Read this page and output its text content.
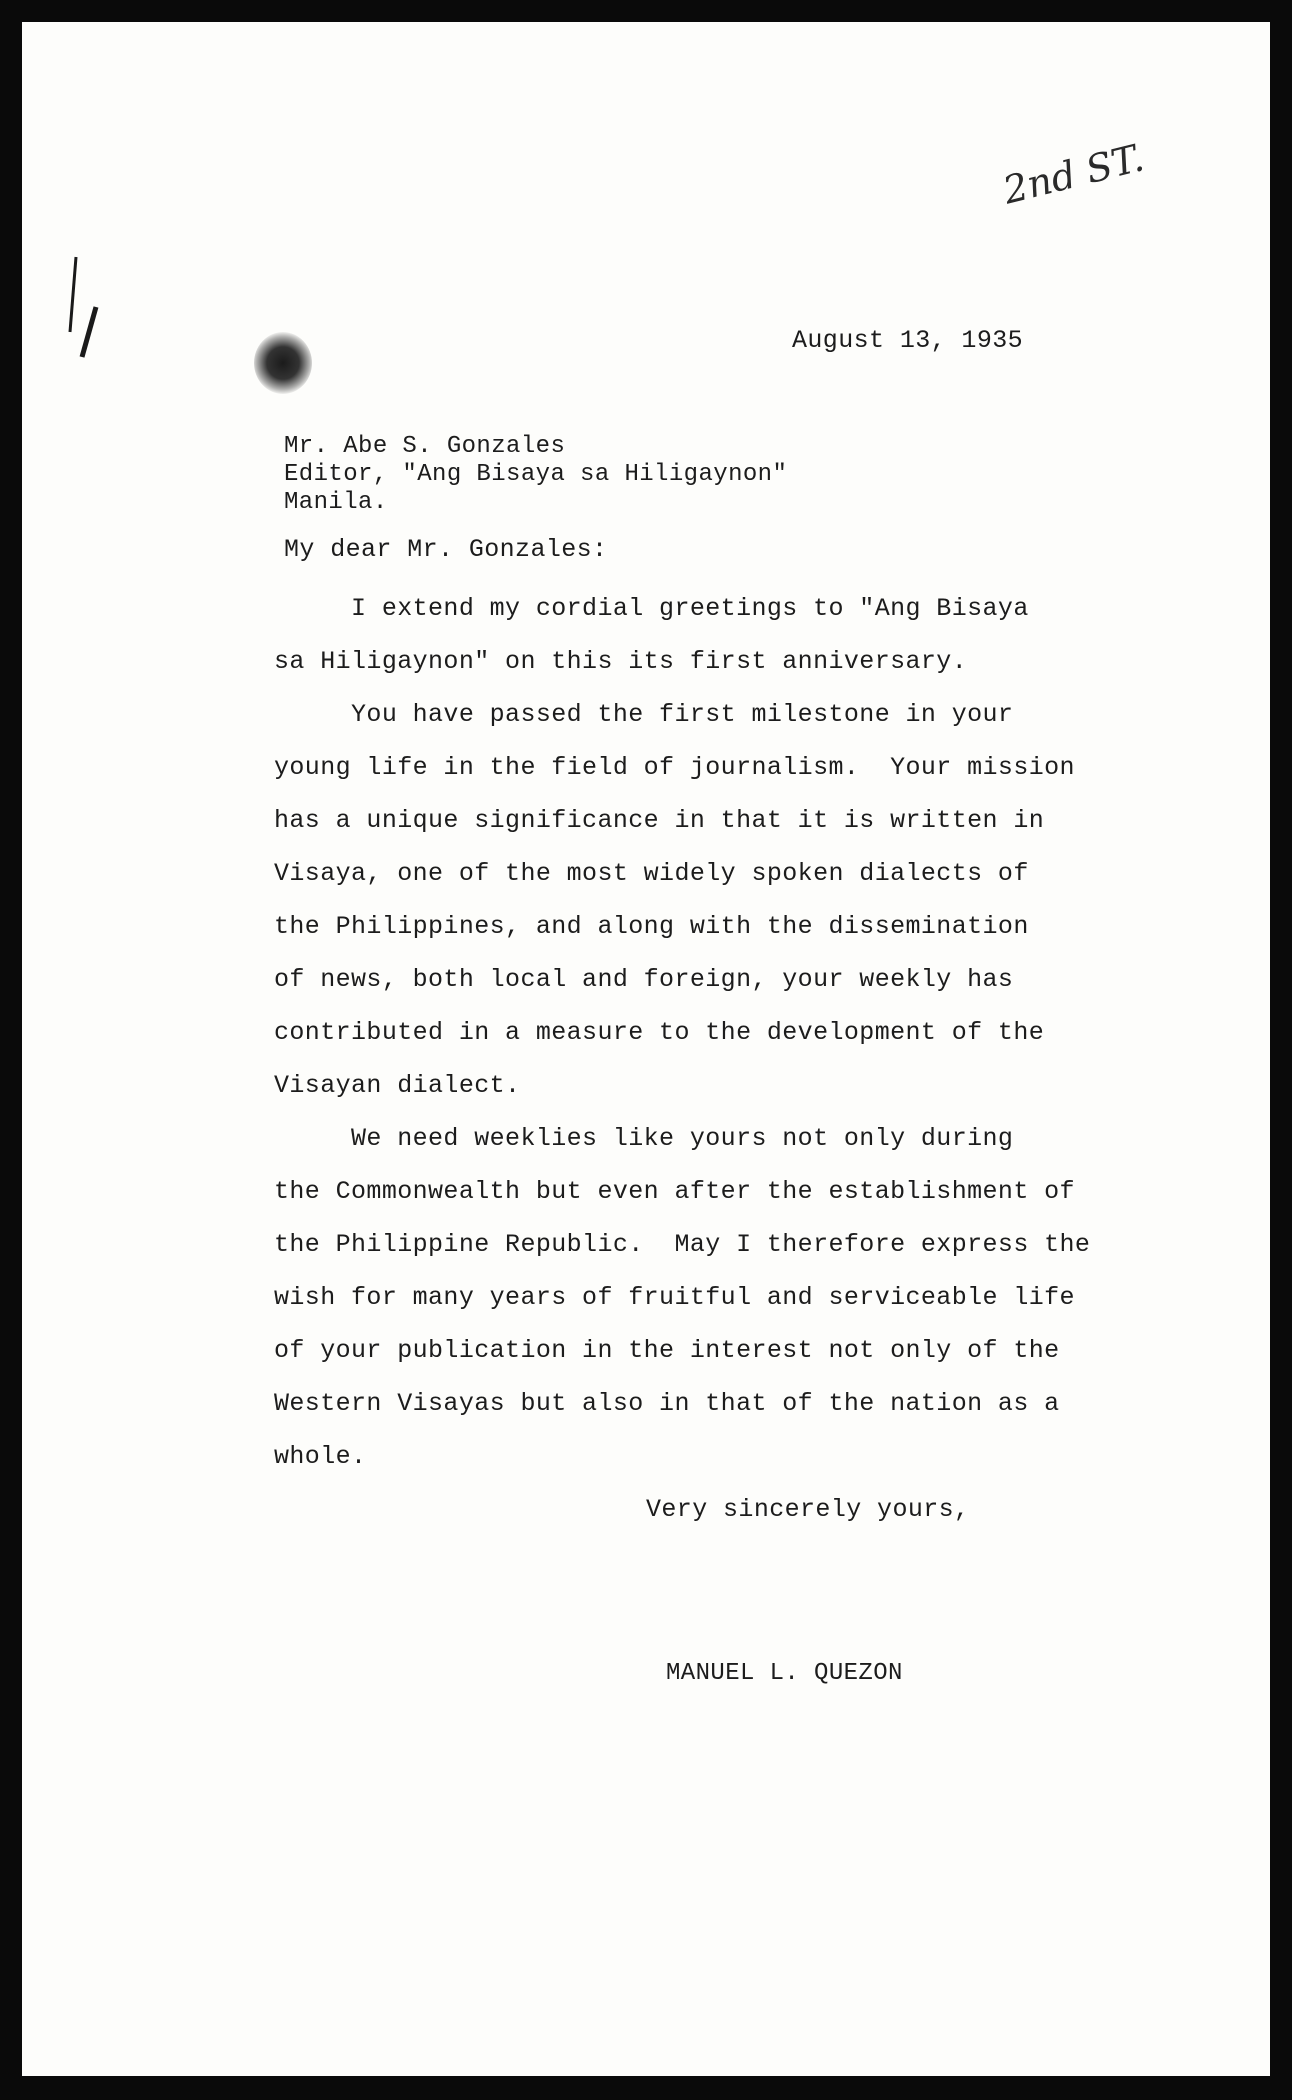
2nd ST.
August 13, 1935
Mr. Abe S. Gonzales
Editor, "Ang Bisaya sa Hiligaynon"
Manila.
My dear Mr. Gonzales:
I extend my cordial greetings to "Ang Bisaya
sa Hiligaynon" on this its first anniversary.
You have passed the first milestone in your
young life in the field of journalism.  Your mission
has a unique significance in that it is written in
Visaya, one of the most widely spoken dialects of
the Philippines, and along with the dissemination
of news, both local and foreign, your weekly has
contributed in a measure to the development of the
Visayan dialect.
We need weeklies like yours not only during
the Commonwealth but even after the establishment of
the Philippine Republic.  May I therefore express the
wish for many years of fruitful and serviceable life
of your publication in the interest not only of the
Western Visayas but also in that of the nation as a
whole.
Very sincerely yours,
MANUEL L. QUEZON
